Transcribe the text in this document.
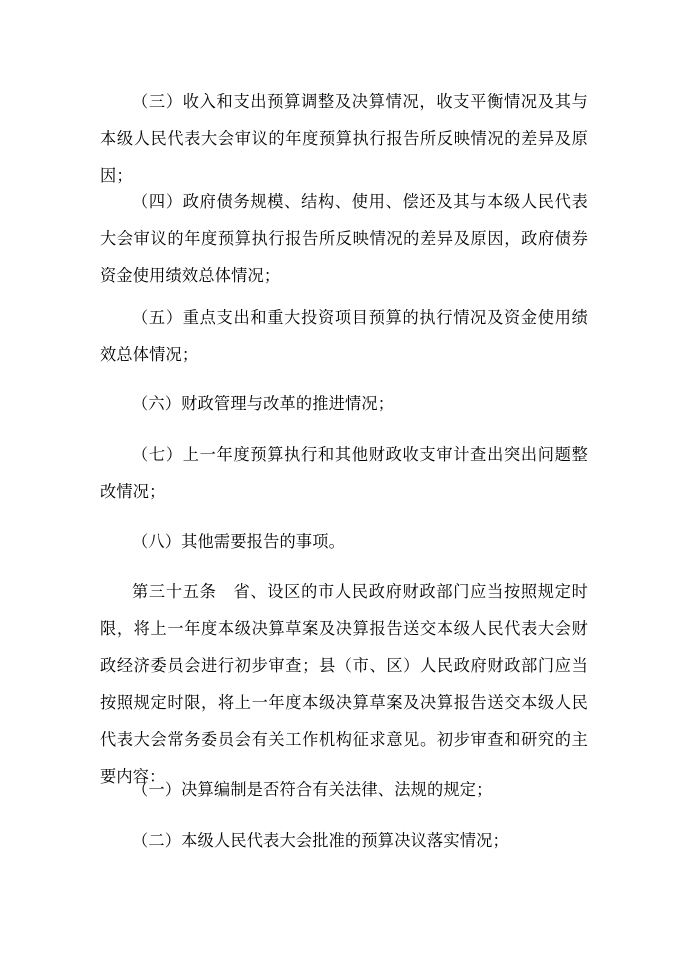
（三）收入和支出预算调整及决算情况，收支平衡情况及其与本级人民代表大会审议的年度预算执行报告所反映情况的差异及原因；

（四）政府债务规模、结构、使用、偿还及其与本级人民代表大会审议的年度预算执行报告所反映情况的差异及原因，政府债券资金使用绩效总体情况；

（五）重点支出和重大投资项目预算的执行情况及资金使用绩效总体情况；

（六）财政管理与改革的推进情况；

（七）上一年度预算执行和其他财政收支审计查出突出问题整改情况；

（八）其他需要报告的事项。

第三十五条　省、设区的市人民政府财政部门应当按照规定时限，将上一年度本级决算草案及决算报告送交本级人民代表大会财政经济委员会进行初步审查；县（市、区）人民政府财政部门应当按照规定时限，将上一年度本级决算草案及决算报告送交本级人民代表大会常务委员会有关工作机构征求意见。初步审查和研究的主要内容：

（一）决算编制是否符合有关法律、法规的规定；

（二）本级人民代表大会批准的预算决议落实情况；
